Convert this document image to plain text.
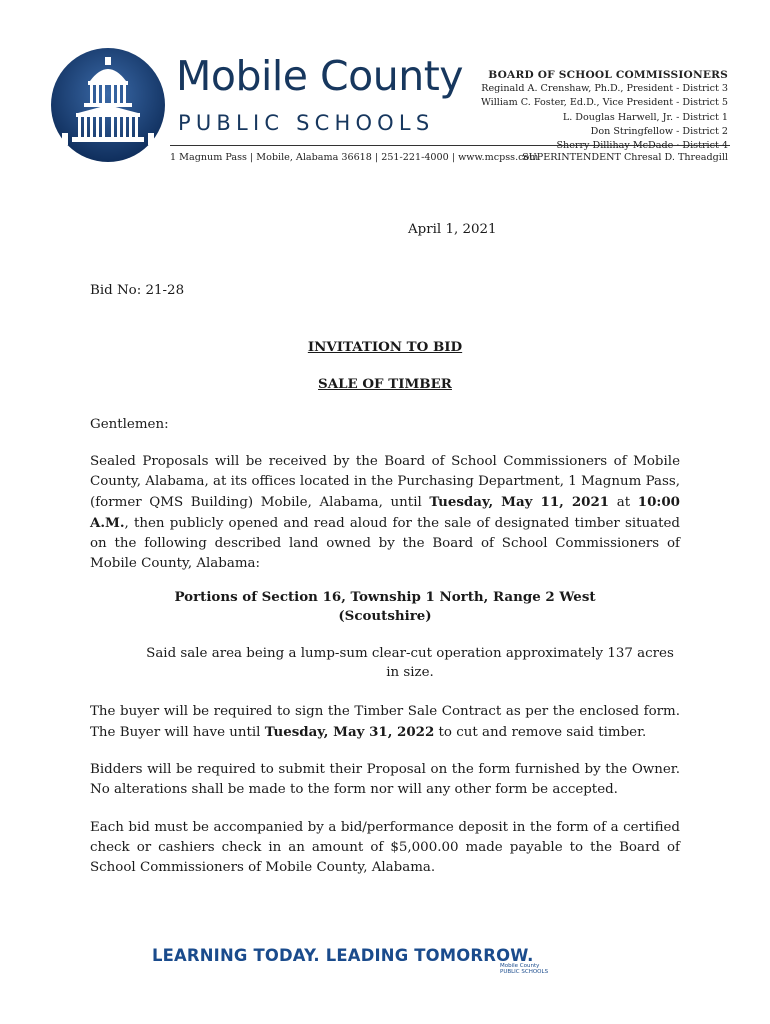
Mobile County
PUBLIC SCHOOLS
1 Magnum Pass | Mobile, Alabama 36618 | 251-221-4000 | www.mcpss.com
BOARD OF SCHOOL COMMISSIONERS
Reginald A. Crenshaw, Ph.D., President - District 3
William C. Foster, Ed.D., Vice President - District 5
L. Douglas Harwell, Jr. - District 1
Don Stringfellow - District 2
Sherry Dillihay McDade · District 4
SUPERINTENDENT Chresal D. Threadgill
April 1, 2021
Bid No: 21-28
INVITATION TO BID
SALE OF TIMBER
Gentlemen:
Sealed Proposals will be received by the Board of School Commissioners of Mobile County, Alabama, at its offices located in the Purchasing Department, 1 Magnum Pass, (former QMS Building) Mobile, Alabama, until Tuesday, May 11, 2021 at 10:00 A.M., then publicly opened and read aloud for the sale of designated timber situated on the following described land owned by the Board of School Commissioners of Mobile County, Alabama:
Portions of Section 16, Township 1 North, Range 2 West
(Scoutshire)
Said sale area being a lump-sum clear-cut operation approximately 137 acres in size.
The buyer will be required to sign the Timber Sale Contract as per the enclosed form. The Buyer will have until Tuesday, May 31, 2022 to cut and remove said timber.
Bidders will be required to submit their Proposal on the form furnished by the Owner. No alterations shall be made to the form nor will any other form be accepted.
Each bid must be accompanied by a bid/performance deposit in the form of a certified check or cashiers check in an amount of $5,000.00 made payable to the Board of School Commissioners of Mobile County, Alabama.
LEARNING TODAY. LEADING TOMORROW.
Mobile County
PUBLIC SCHOOLS
